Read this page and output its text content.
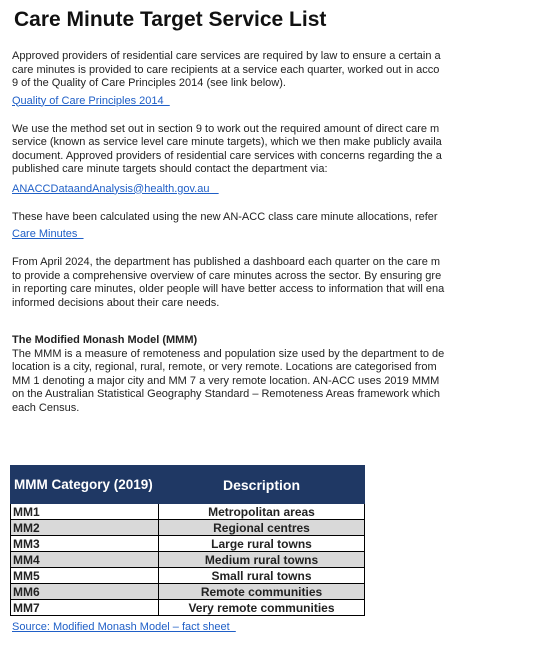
Care Minute Target Service List
Approved providers of residential care services are required by law to ensure a certain a
care minutes is provided to care recipients at a service each quarter, worked out in acco
9 of the Quality of Care Principles 2014 (see link below).
Quality of Care Principles 2014
We use the method set out in section 9 to work out the required amount of direct care m
service (known as service level care minute targets), which we then make publicly availa
document. Approved providers of residential care services with concerns regarding the a
published care minute targets should contact the department via:
ANACCDataandAnalysis@health.gov.au
These have been calculated using the new AN-ACC class care minute allocations, refer
Care Minutes
From April 2024, the department has published a dashboard each quarter on the care m
to provide a comprehensive overview of care minutes across the sector. By ensuring gre
in reporting care minutes, older people will have better access to information that will ena
informed decisions about their care needs.
The Modified Monash Model (MMM)
The MMM is a measure of remoteness and population size used by the department to de
location is a city, regional, rural, remote, or very remote. Locations are categorised from
MM 1 denoting a major city and MM 7 a very remote location. AN-ACC uses 2019 MMM
on the Australian Statistical Geography Standard – Remoteness Areas framework which
each Census.
MMM Category (2019)	Description
MM1	Metropolitan areas
MM2	Regional centres
MM3	Large rural towns
MM4	Medium rural towns
MM5	Small rural towns
MM6	Remote communities
MM7	Very remote communities
Source: Modified Monash Model – fact sheet
